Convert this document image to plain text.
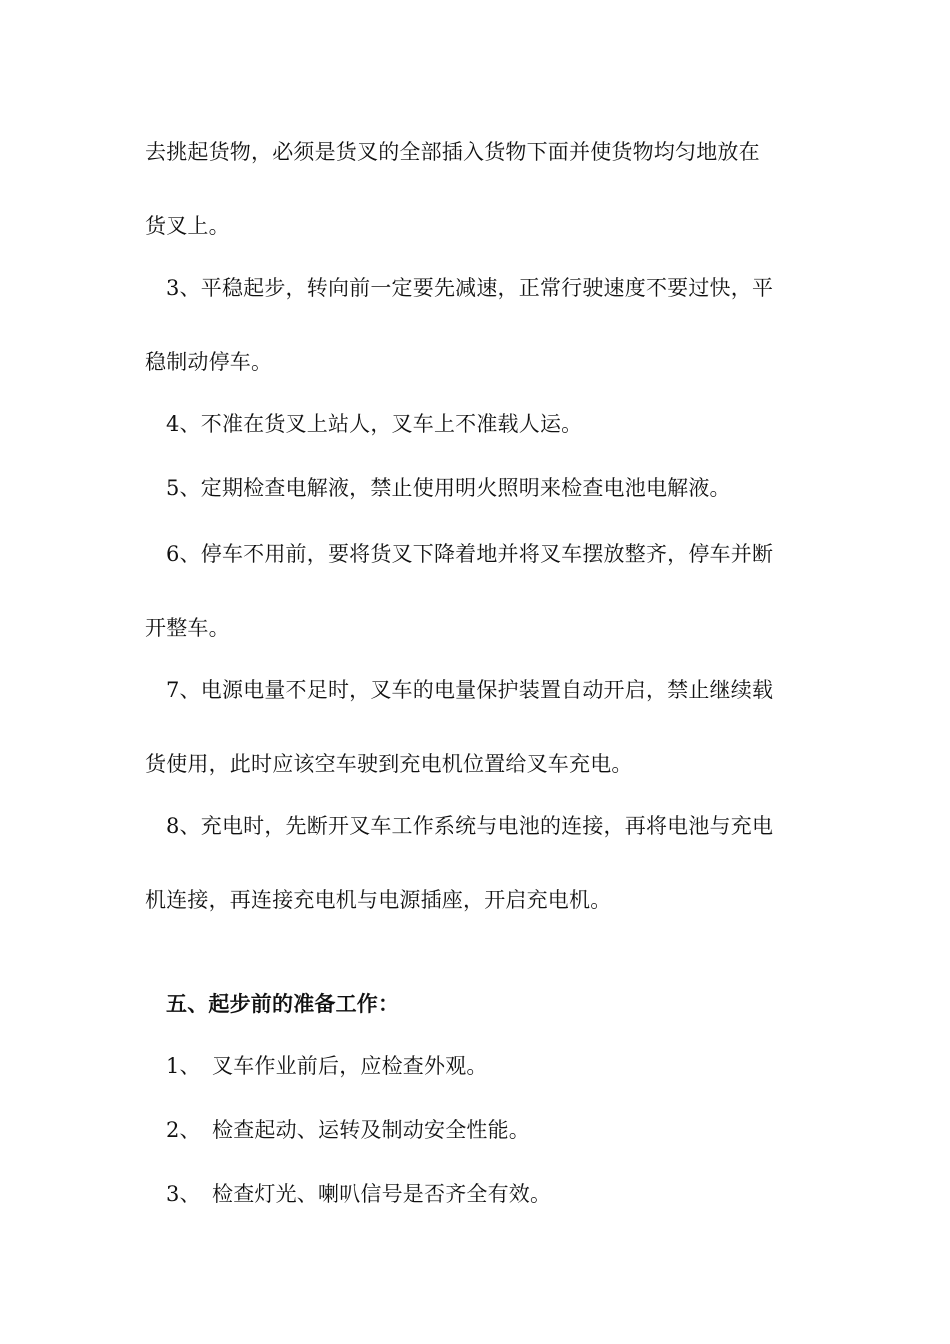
去挑起货物，必须是货叉的全部插入货物下面并使货物均匀地放在
货叉上。
3、平稳起步，转向前一定要先减速，正常行驶速度不要过快，平
稳制动停车。
4、不准在货叉上站人，叉车上不准载人运。
5、定期检查电解液，禁止使用明火照明来检查电池电解液。
6、停车不用前，要将货叉下降着地并将叉车摆放整齐，停车并断
开整车。
7、电源电量不足时，叉车的电量保护装置自动开启，禁止继续载
货使用，此时应该空车驶到充电机位置给叉车充电。
8、充电时，先断开叉车工作系统与电池的连接，再将电池与充电
机连接，再连接充电机与电源插座，开启充电机。
五、起步前的准备工作：
1、 叉车作业前后，应检查外观。
2、 检查起动、运转及制动安全性能。
3、 检查灯光、喇叭信号是否齐全有效。
